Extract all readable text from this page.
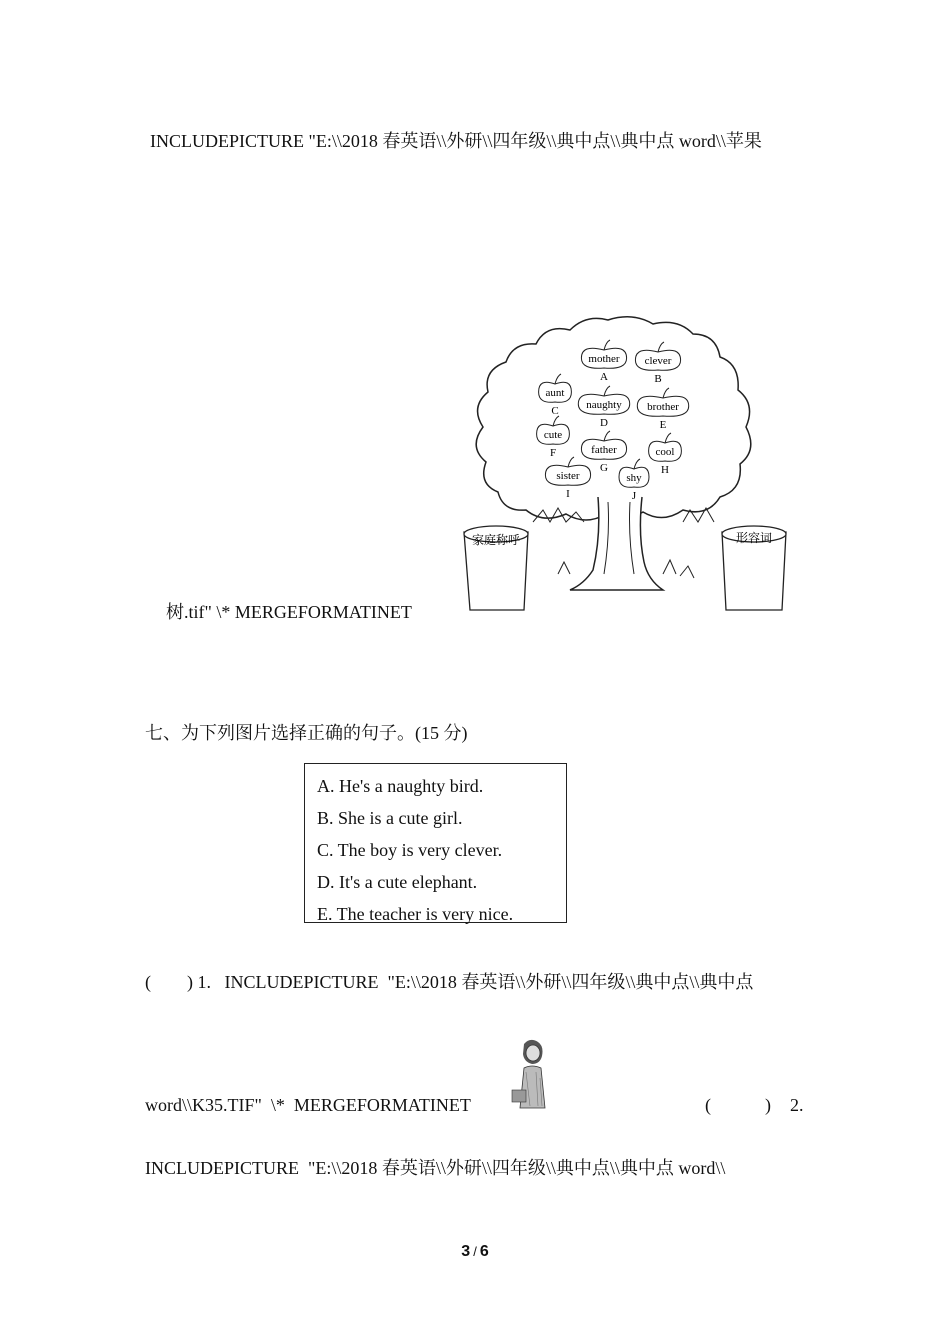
INCLUDEPICTURE "E:\\2018 春英语\\外研\\四年级\\典中点\\典中点 word\\苹果
家庭称呼	形容词
mother
A
clever
B
aunt
C	naughty
D
brother
E
cute
F	father
G
cool
H
sister
I
shy
J
树.tif" \* MERGEFORMATINET
七、为下列图片选择正确的句子。(15 分)
A. He's a naughty bird.
B. She is a cute girl.
C. The boy is very clever.
D. It's a cute elephant.
E. The teacher is very nice.
(        ) 1.   INCLUDEPICTURE  "E:\\2018 春英语\\外研\\四年级\\典中点\\典中点
word\\K35.TIF"  \*  MERGEFORMATINET	(            ) 2.
INCLUDEPICTURE  "E:\\2018 春英语\\外研\\四年级\\典中点\\典中点 word\\
3 / 6
